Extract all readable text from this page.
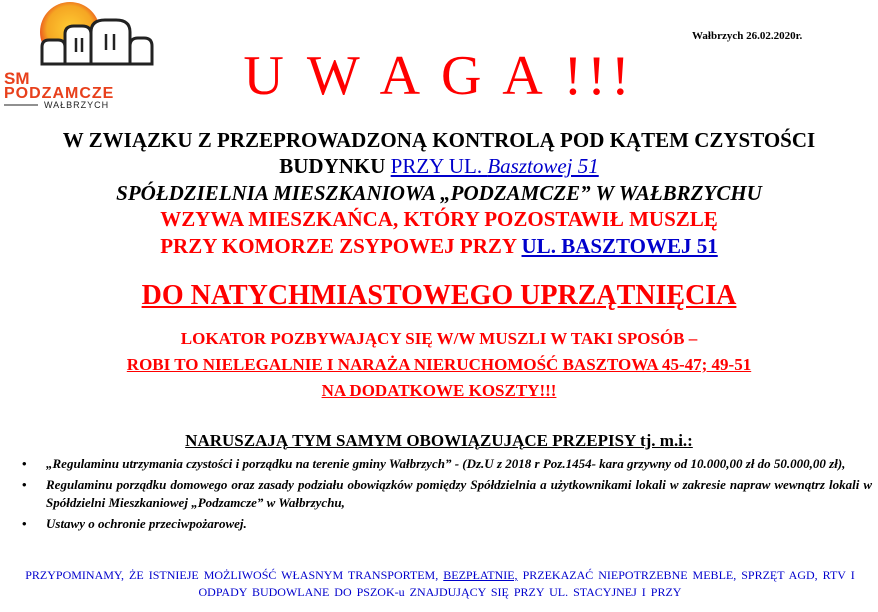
SM
PODZAMCZE
WAŁBRZYCH
Wałbrzych 26.02.2020r.
U W A G A !!!
W ZWIĄZKU Z PRZEPROWADZONĄ KONTROLĄ POD KĄTEM CZYSTOŚCI
BUDYNKU PRZY UL. Basztowej 51
SPÓŁDZIELNIA MIESZKANIOWA „PODZAMCZE” W WAŁBRZYCHU
WZYWA MIESZKAŃCA, KTÓRY POZOSTAWIŁ MUSZLĘ
PRZY KOMORZE ZSYPOWEJ PRZY UL. BASZTOWEJ 51
DO NATYCHMIASTOWEGO UPRZĄTNIĘCIA
LOKATOR POZBYWAJĄCY SIĘ W/W MUSZLI W TAKI SPOSÓB –
ROBI TO NIELEGALNIE I NARAŻA NIERUCHOMOŚĆ BASZTOWA 45-47; 49-51
NA DODATKOWE KOSZTY!!!
NARUSZAJĄ TYM SAMYM OBOWIĄZUJĄCE PRZEPISY tj. m.i.:
• „Regulaminu utrzymania czystości i porządku na terenie gminy Wałbrzych” - (Dz.U z 2018 r Poz.1454- kara grzywny od 10.000,00 zł do 50.000,00 zł),
• Regulaminu porządku domowego oraz zasady podziału obowiązków pomiędzy Spółdzielnia a użytkownikami lokali w zakresie napraw wewnątrz lokali w Spółdzielni Mieszkaniowej „Podzamcze” w Wałbrzychu,
• Ustawy o ochronie przeciwpożarowej.
PRZYPOMINAMY, ŻE ISTNIEJE MOŻLIWOŚĆ WŁASNYM TRANSPORTEM, BEZPŁATNIE, PRZEKAZAĆ NIEPOTRZEBNE MEBLE, SPRZĘT AGD, RTV I ODPADY BUDOWLANE DO PSZOK-u ZNAJDUJĄCY SIĘ PRZY UL. STACYJNEJ I PRZY
